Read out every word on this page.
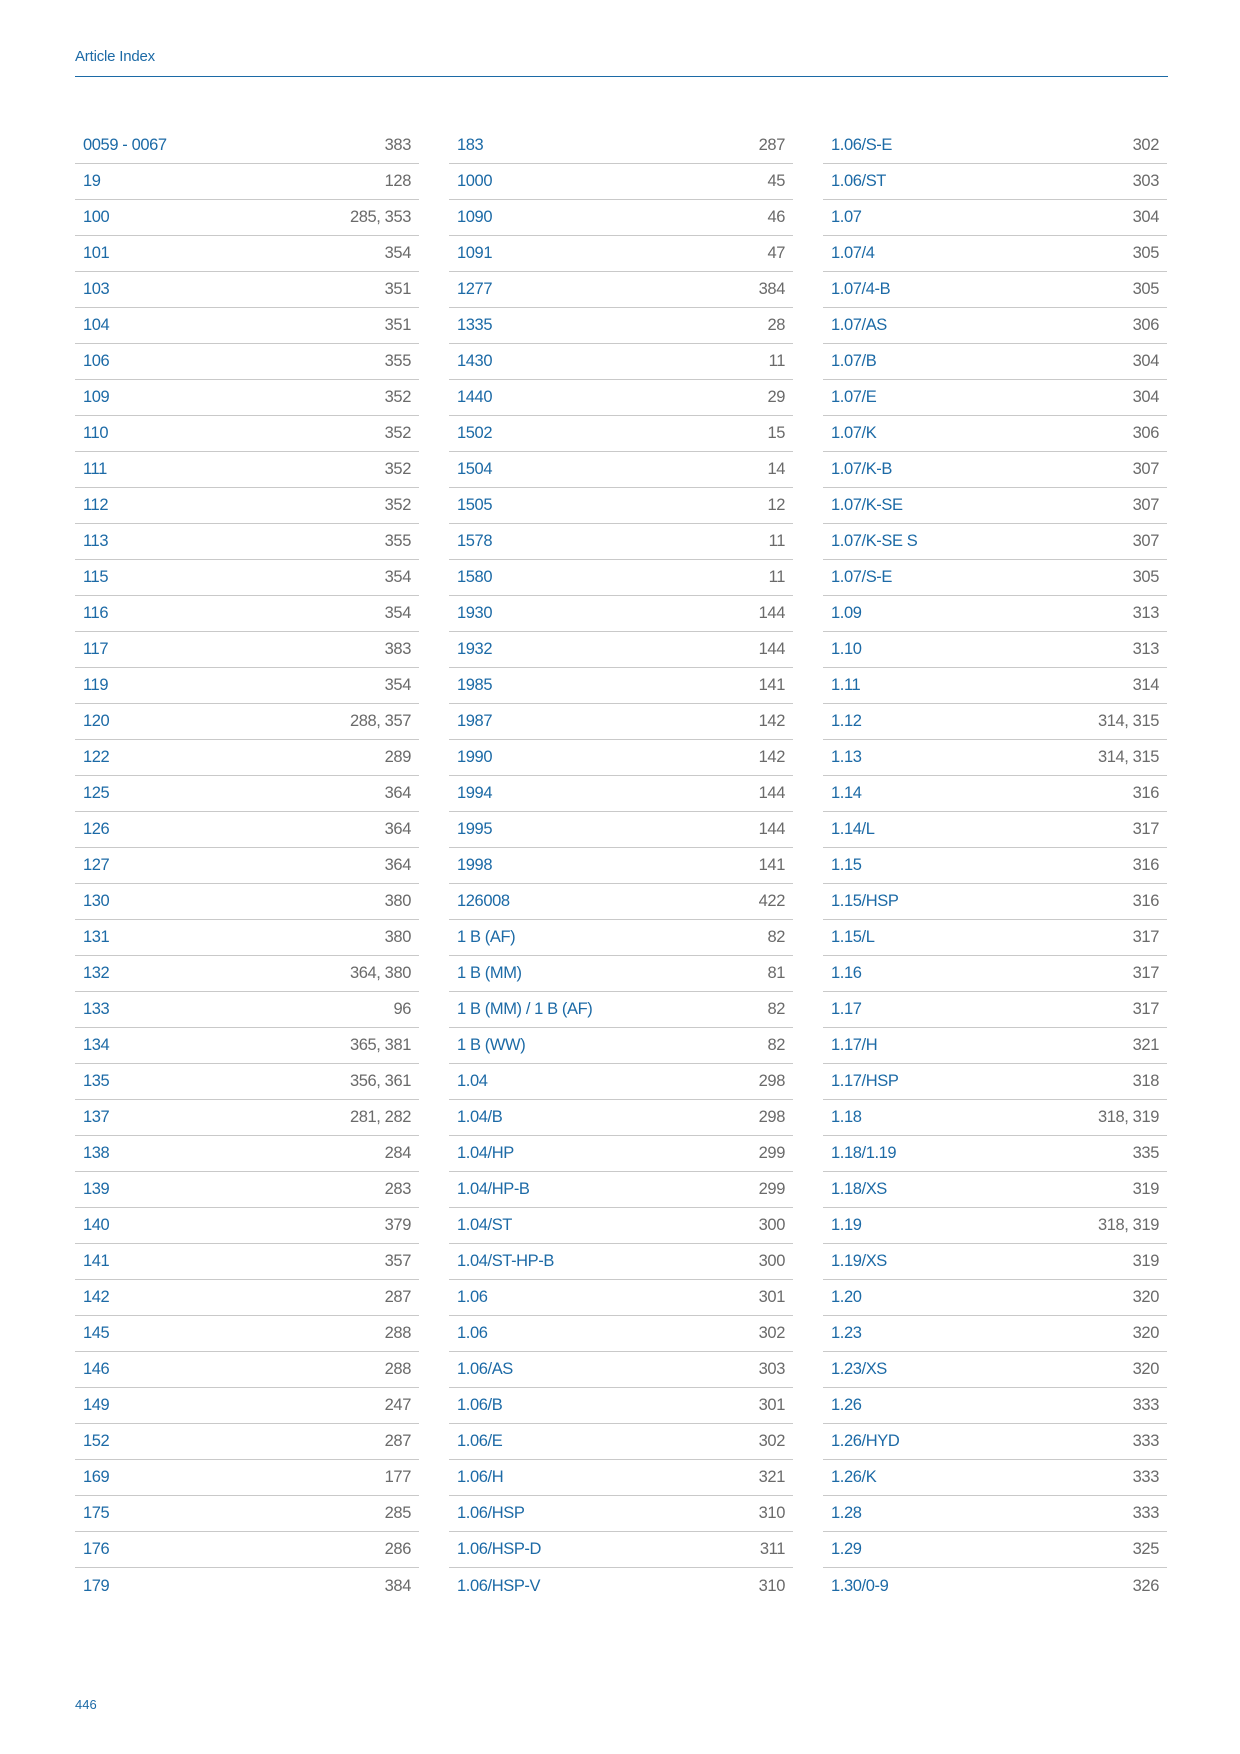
Article Index
0059 - 0067	383
19	128
100	285, 353
101	354
103	351
104	351
106	355
109	352
110	352
111	352
112	352
113	355
115	354
116	354
117	383
119	354
120	288, 357
122	289
125	364
126	364
127	364
130	380
131	380
132	364, 380
133	96
134	365, 381
135	356, 361
137	281, 282
138	284
139	283
140	379
141	357
142	287
145	288
146	288
149	247
152	287
169	177
175	285
176	286
179	384
183	287
1000	45
1090	46
1091	47
1277	384
1335	28
1430	11
1440	29
1502	15
1504	14
1505	12
1578	11
1580	11
1930	144
1932	144
1985	141
1987	142
1990	142
1994	144
1995	144
1998	141
126008	422
1 B (AF)	82
1 B (MM)	81
1 B (MM) / 1 B (AF)	82
1 B (WW)	82
1.04	298
1.04/B	298
1.04/HP	299
1.04/HP-B	299
1.04/ST	300
1.04/ST-HP-B	300
1.06	301
1.06	302
1.06/AS	303
1.06/B	301
1.06/E	302
1.06/H	321
1.06/HSP	310
1.06/HSP-D	311
1.06/HSP-V	310
1.06/S-E	302
1.06/ST	303
1.07	304
1.07/4	305
1.07/4-B	305
1.07/AS	306
1.07/B	304
1.07/E	304
1.07/K	306
1.07/K-B	307
1.07/K-SE	307
1.07/K-SE S	307
1.07/S-E	305
1.09	313
1.10	313
1.11	314
1.12	314, 315
1.13	314, 315
1.14	316
1.14/L	317
1.15	316
1.15/HSP	316
1.15/L	317
1.16	317
1.17	317
1.17/H	321
1.17/HSP	318
1.18	318, 319
1.18/1.19	335
1.18/XS	319
1.19	318, 319
1.19/XS	319
1.20	320
1.23	320
1.23/XS	320
1.26	333
1.26/HYD	333
1.26/K	333
1.28	333
1.29	325
1.30/0-9	326
446
